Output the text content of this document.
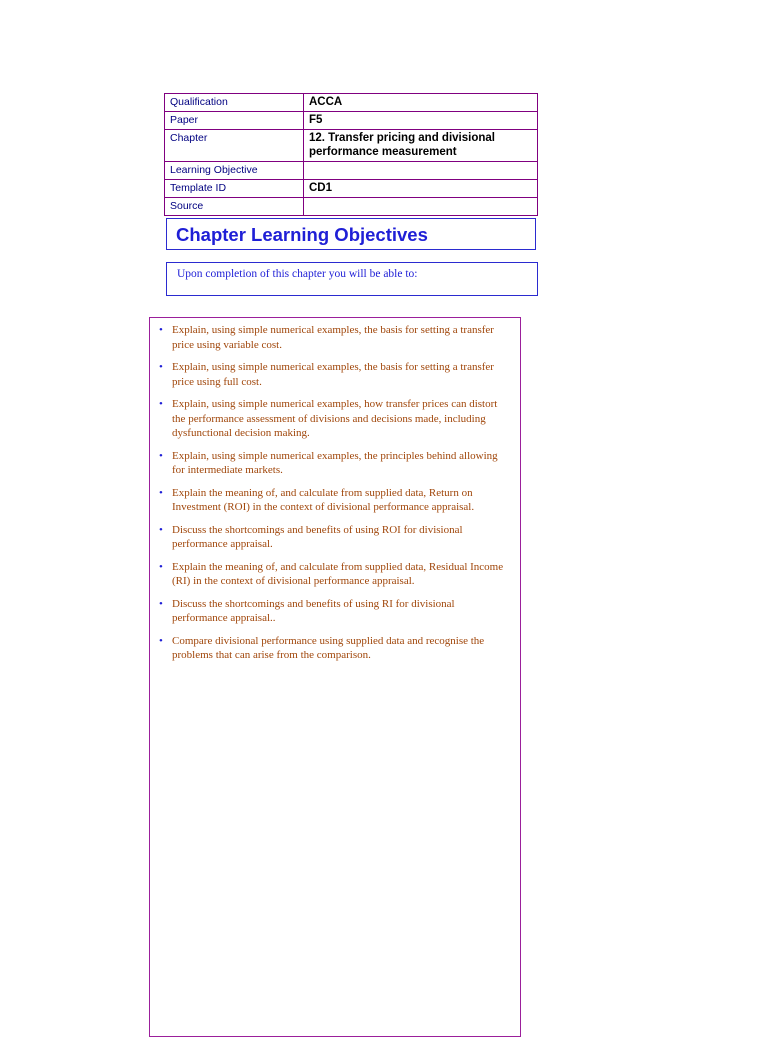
Qualification	ACCA
Paper	F5
Chapter	12. Transfer pricing and divisional performance measurement
Learning Objective	
Template ID	CD1
Source	
Chapter Learning Objectives

Upon completion of this chapter you will be able to:

• Explain, using simple numerical examples, the basis for setting a transfer price using variable cost.
• Explain, using simple numerical examples, the basis for setting a transfer price using full cost.
• Explain, using simple numerical examples, how transfer prices can distort the performance assessment of divisions and decisions made, including dysfunctional decision making.
• Explain, using simple numerical examples, the principles behind allowing for intermediate markets.
• Explain the meaning of, and calculate from supplied data, Return on Investment (ROI) in the context of divisional performance appraisal.
• Discuss the shortcomings and benefits of using ROI for divisional performance appraisal.
• Explain the meaning of, and calculate from supplied data, Residual Income (RI) in the context of divisional performance appraisal.
• Discuss the shortcomings and benefits of using RI for divisional performance appraisal..
• Compare divisional performance using supplied data and recognise the problems that can arise from the comparison.
